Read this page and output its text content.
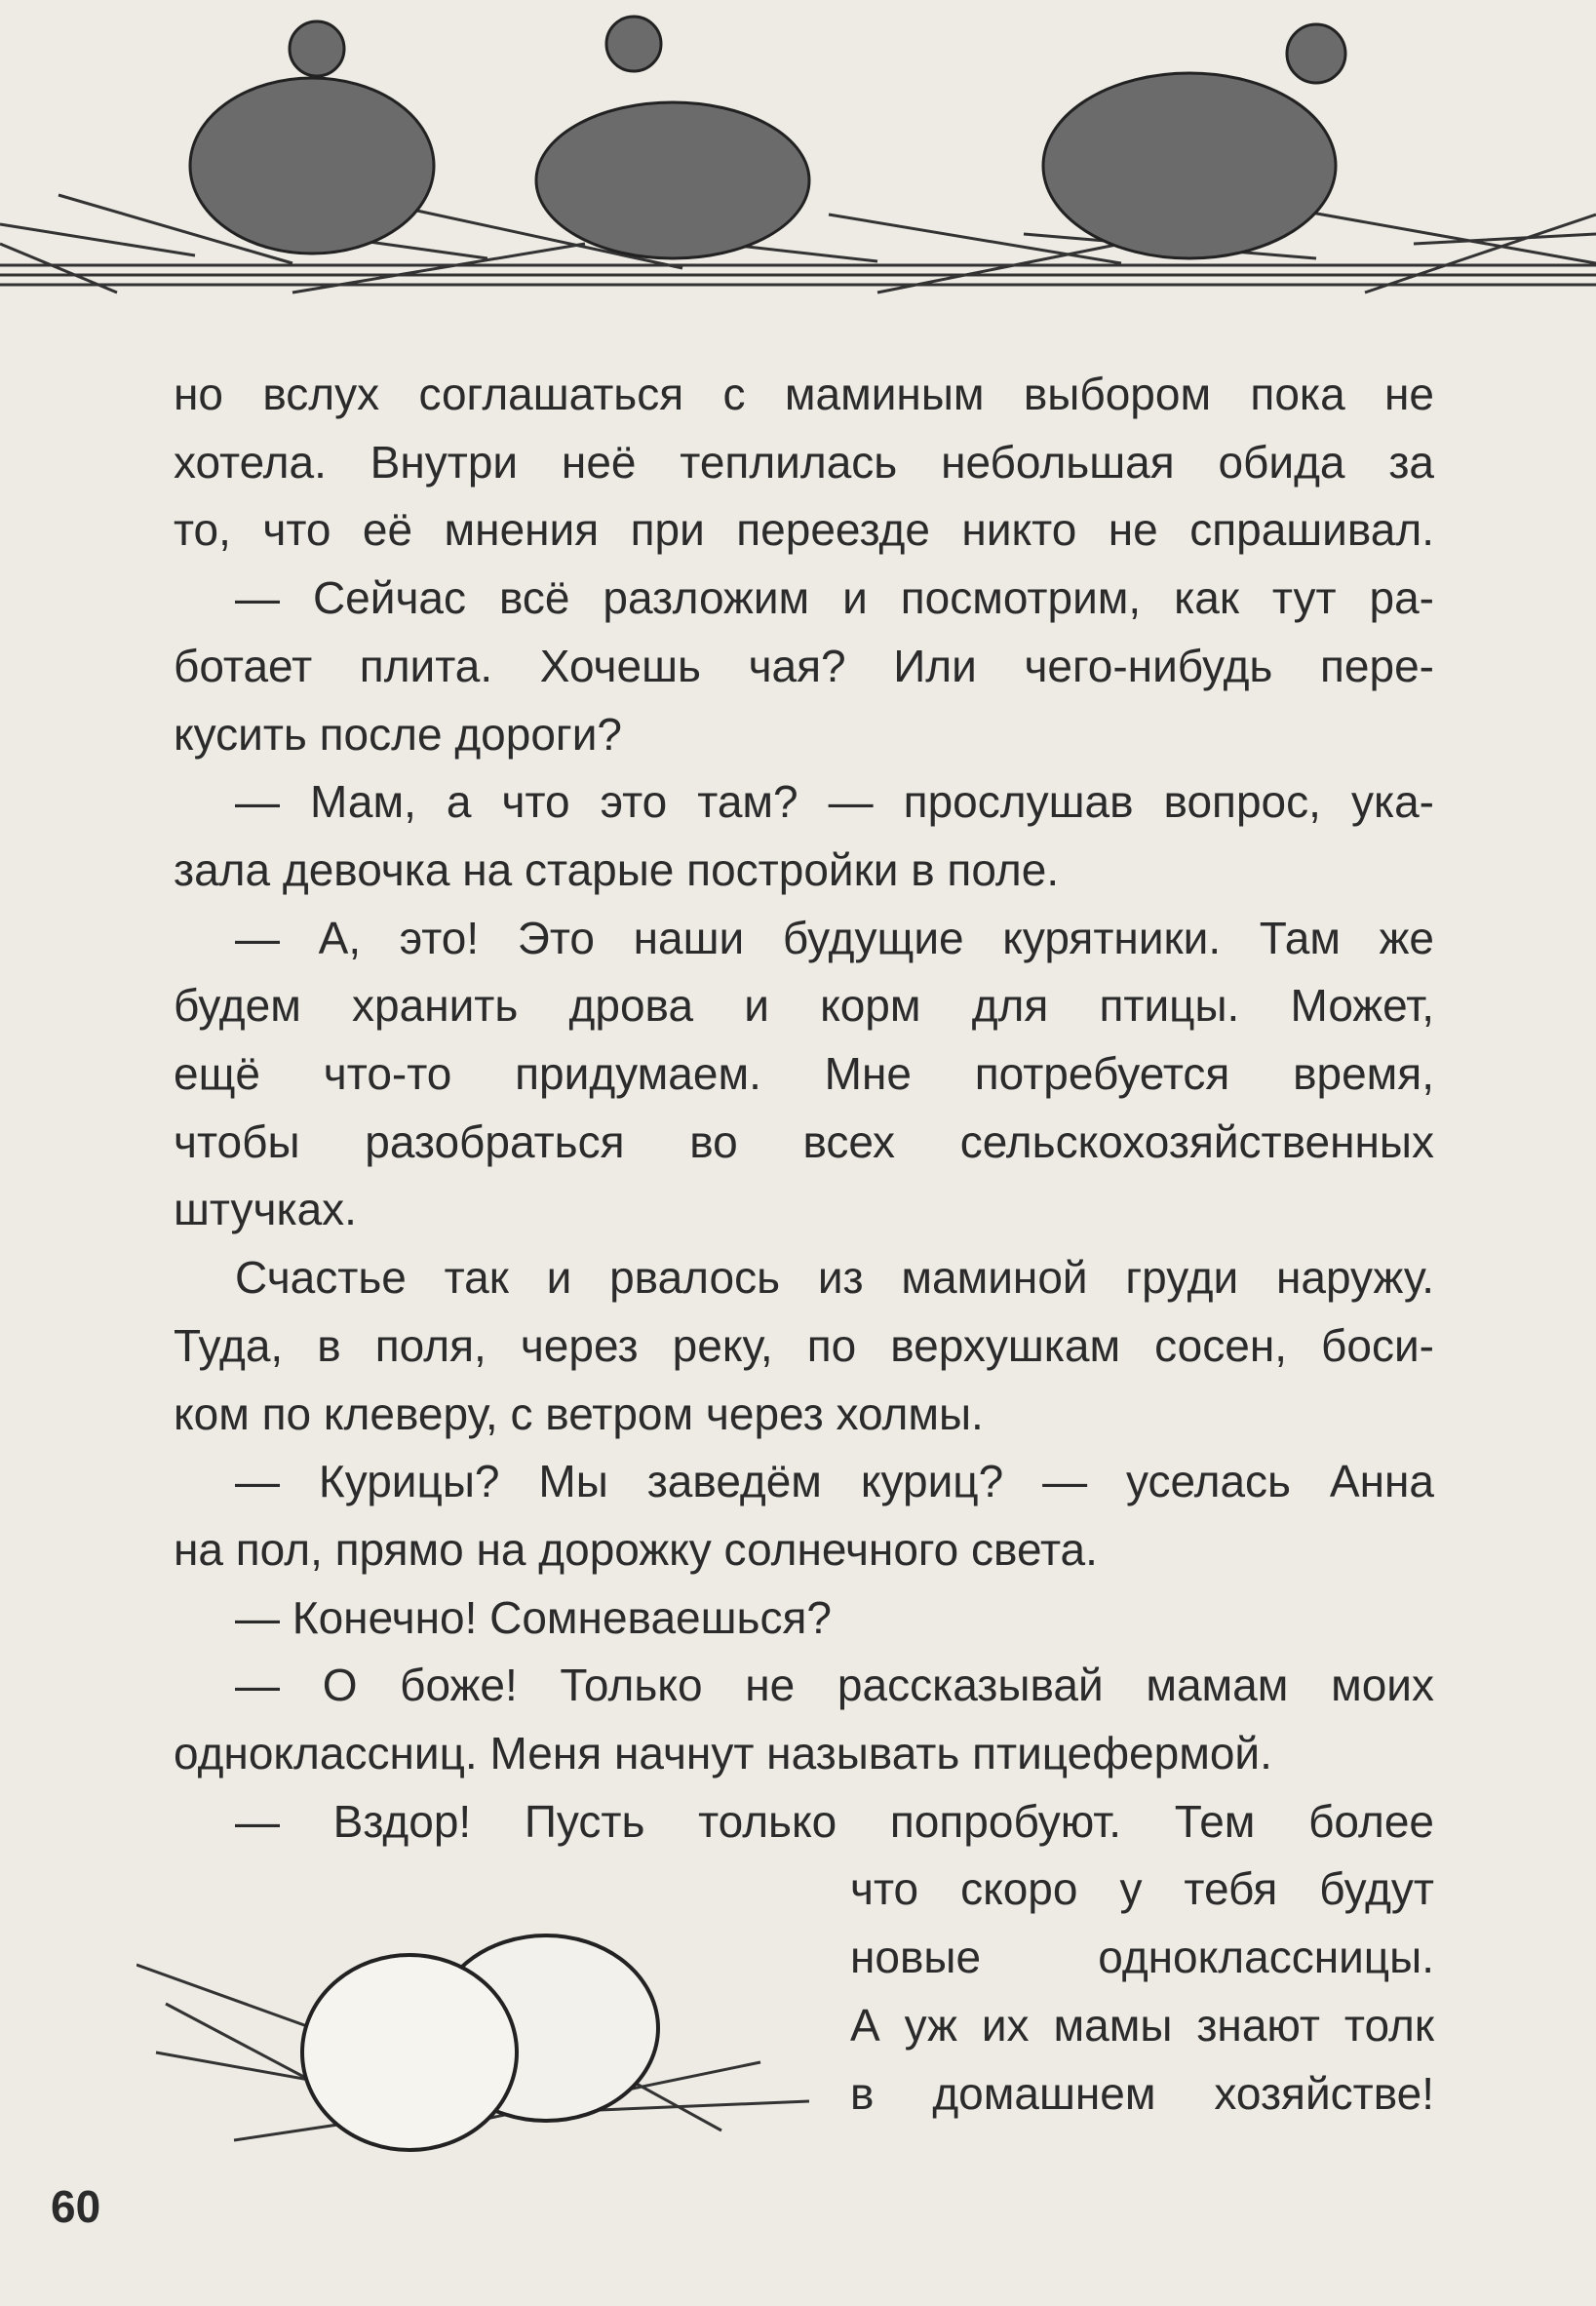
но вслух соглашаться с маминым выбором пока не
хотела. Внутри неё теплилась небольшая обида за
то, что её мнения при переезде никто не спрашивал.
— Сейчас всё разложим и посмотрим, как тут ра-
ботает плита. Хочешь чая? Или чего-нибудь пере-
кусить после дороги?
— Мам, а что это там? — прослушав вопрос, ука-
зала девочка на старые постройки в поле.
— А, это! Это наши будущие курятники. Там же
будем хранить дрова и корм для птицы. Может,
ещё что-то придумаем. Мне потребуется время,
чтобы разобраться во всех сельскохозяйственных
штучках.
Счастье так и рвалось из маминой груди наружу.
Туда, в поля, через реку, по верхушкам сосен, боси-
ком по клеверу, с ветром через холмы.
— Курицы? Мы заведём куриц? — уселась Анна
на пол, прямо на дорожку солнечного света.
— Конечно! Сомневаешься?
— О боже! Только не рассказывай мамам моих
одноклассниц. Меня начнут называть птицефермой.
— Вздор! Пусть только попробуют. Тем более
что скоро у тебя будут
новые одноклассницы.
А уж их мамы знают толк
в домашнем хозяйстве!
60
